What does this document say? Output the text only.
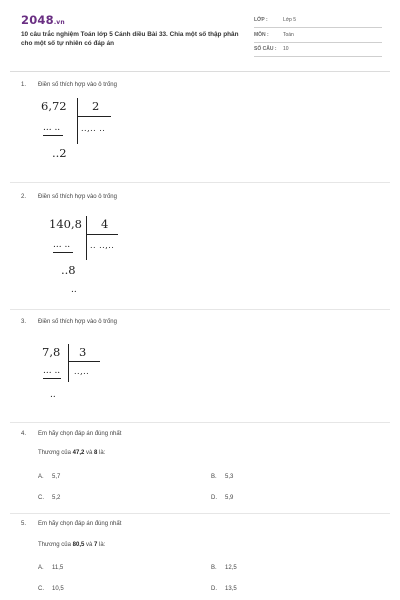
2048.vn
10 câu trắc nghiệm Toán lớp 5 Cánh diều Bài 33. Chia một số thập phân cho một số tự nhiên có đáp án
LỚP :	Lớp 5
MÔN :	Toán
SỐ CÂU : 10
1. Điền số thích hợp vào ô trống
6,72 2
..,.. ..
... ..
..2
2. Điền số thích hợp vào ô trống
140,8 4
.. ..,..
... ..
..8
..
3. Điền số thích hợp vào ô trống
7,8 3
..,..
... ..
..
4. Em hãy chọn đáp án đúng nhất
Thương của 47,2 và 8 là:
A. 5,7	B. 5,3
C. 5,2	D. 5,9
5. Em hãy chọn đáp án đúng nhất
Thương của 80,5 và 7 là:
A. 11,5	B. 12,5
C. 10,5	D. 13,5
